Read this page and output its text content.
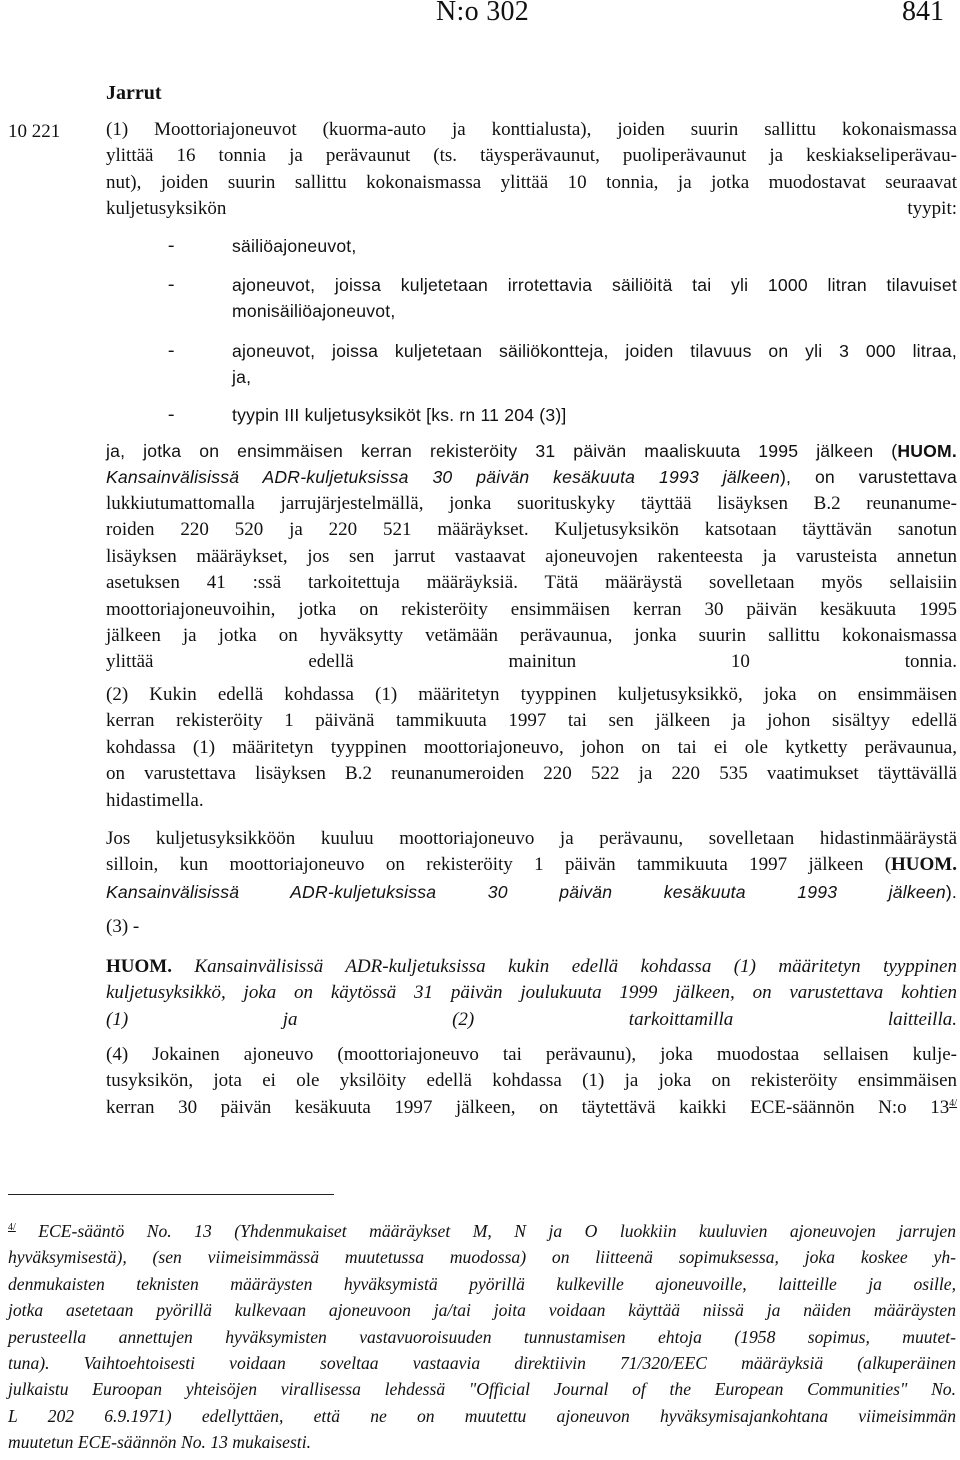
N:o 302	841
Jarrut
10 221 (1) Moottoriajoneuvot (kuorma-auto ja konttialusta), joiden suurin sallittu kokonaismassa
ylittää 16 tonnia ja perävaunut (ts. täysperävaunut, puoliperävaunut ja keskiakseliperävau-
nut), joiden suurin sallittu kokonaismassa ylittää 10 tonnia, ja jotka muodostavat seuraavat
kuljetusyksikön tyypit:
-	säiliöajoneuvot,
-	ajoneuvot, joissa kuljetetaan irrotettavia säiliöitä tai yli 1000 litran tilavuiset
monisäiliöajoneuvot,
-	ajoneuvot, joissa kuljetetaan säiliökontteja, joiden tilavuus on yli 3 000 litraa,
ja,
-	tyypin III kuljetusyksiköt [ks. rn 11 204 (3)]
ja, jotka on ensimmäisen kerran rekisteröity 31 päivän maaliskuuta 1995 jälkeen (HUOM.
Kansainvälisissä ADR-kuljetuksissa 30 päivän kesäkuuta 1993 jälkeen), on varustettava
lukkiutumattomalla jarrujärjestelmällä, jonka suorituskyky täyttää lisäyksen B.2 reunanume-
roiden 220 520 ja 220 521 määräykset. Kuljetusyksikön katsotaan täyttävän sanotun
lisäyksen määräykset, jos sen jarrut vastaavat ajoneuvojen rakenteesta ja varusteista annetun
asetuksen 41 :ssä tarkoitettuja määräyksiä. Tätä määräystä sovelletaan myös sellaisiin
moottoriajoneuvoihin, jotka on rekisteröity ensimmäisen kerran 30 päivän kesäkuuta 1995
jälkeen ja jotka on hyväksytty vetämään perävaunua, jonka suurin sallittu kokonaismassa
ylittää edellä mainitun 10 tonnia.
(2) Kukin edellä kohdassa (1) määritetyn tyyppinen kuljetusyksikkö, joka on ensimmäisen
kerran rekisteröity 1 päivänä tammikuuta 1997 tai sen jälkeen ja johon sisältyy edellä
kohdassa (1) määritetyn tyyppinen moottoriajoneuvo, johon on tai ei ole kytketty perävaunua,
on varustettava lisäyksen B.2 reunanumeroiden 220 522 ja 220 535 vaatimukset täyttävällä
hidastimella.
Jos kuljetusyksikköön kuuluu moottoriajoneuvo ja perävaunu, sovelletaan hidastinmääräystä
silloin, kun moottoriajoneuvo on rekisteröity 1 päivän tammikuuta 1997 jälkeen (HUOM.
Kansainvälisissä ADR-kuljetuksissa 30 päivän kesäkuuta 1993 jälkeen).
(3) -
HUOM. Kansainvälisissä ADR-kuljetuksissa kukin edellä kohdassa (1) määritetyn tyyppinen
kuljetusyksikkö, joka on käytössä 31 päivän joulukuuta 1999 jälkeen, on varustettava kohtien
(1) ja (2) tarkoittamilla laitteilla.
(4) Jokainen ajoneuvo (moottoriajoneuvo tai perävaunu), joka muodostaa sellaisen kulje-
tusyksikön, jota ei ole yksilöity edellä kohdassa (1) ja joka on rekisteröity ensimmäisen
kerran 30 päivän kesäkuuta 1997 jälkeen, on täytettävä kaikki ECE-säännön N:o 13$^{4/}$
$^{4/}$ ECE-sääntö No. 13 (Yhdenmukaiset määräykset M, N ja O luokkiin kuuluvien ajoneuvojen jarrujen
hyväksymisestä), (sen viimeisimmässä muutetussa muodossa) on liitteenä sopimuksessa, joka koskee yh-
denmukaisten teknisten määräysten hyväksymistä pyörillä kulkeville ajoneuvoille, laitteille ja osille,
jotka asetetaan pyörillä kulkevaan ajoneuvoon ja/tai joita voidaan käyttää niissä ja näiden määräysten
perusteella annettujen hyväksymisten vastavuoroisuuden tunnustamisen ehtoja (1958 sopimus, muutet-
tuna). Vaihtoehtoisesti voidaan soveltaa vastaavia direktiivin 71/320/EEC määräyksiä (alkuperäinen
julkaistu Euroopan yhteisöjen virallisessa lehdessä "Official Journal of the European Communities" No.
L 202 6.9.1971) edellyttäen, että ne on muutettu ajoneuvon hyväksymisajankohtana viimeisimmän
muutetun ECE-säännön No. 13 mukaisesti.
